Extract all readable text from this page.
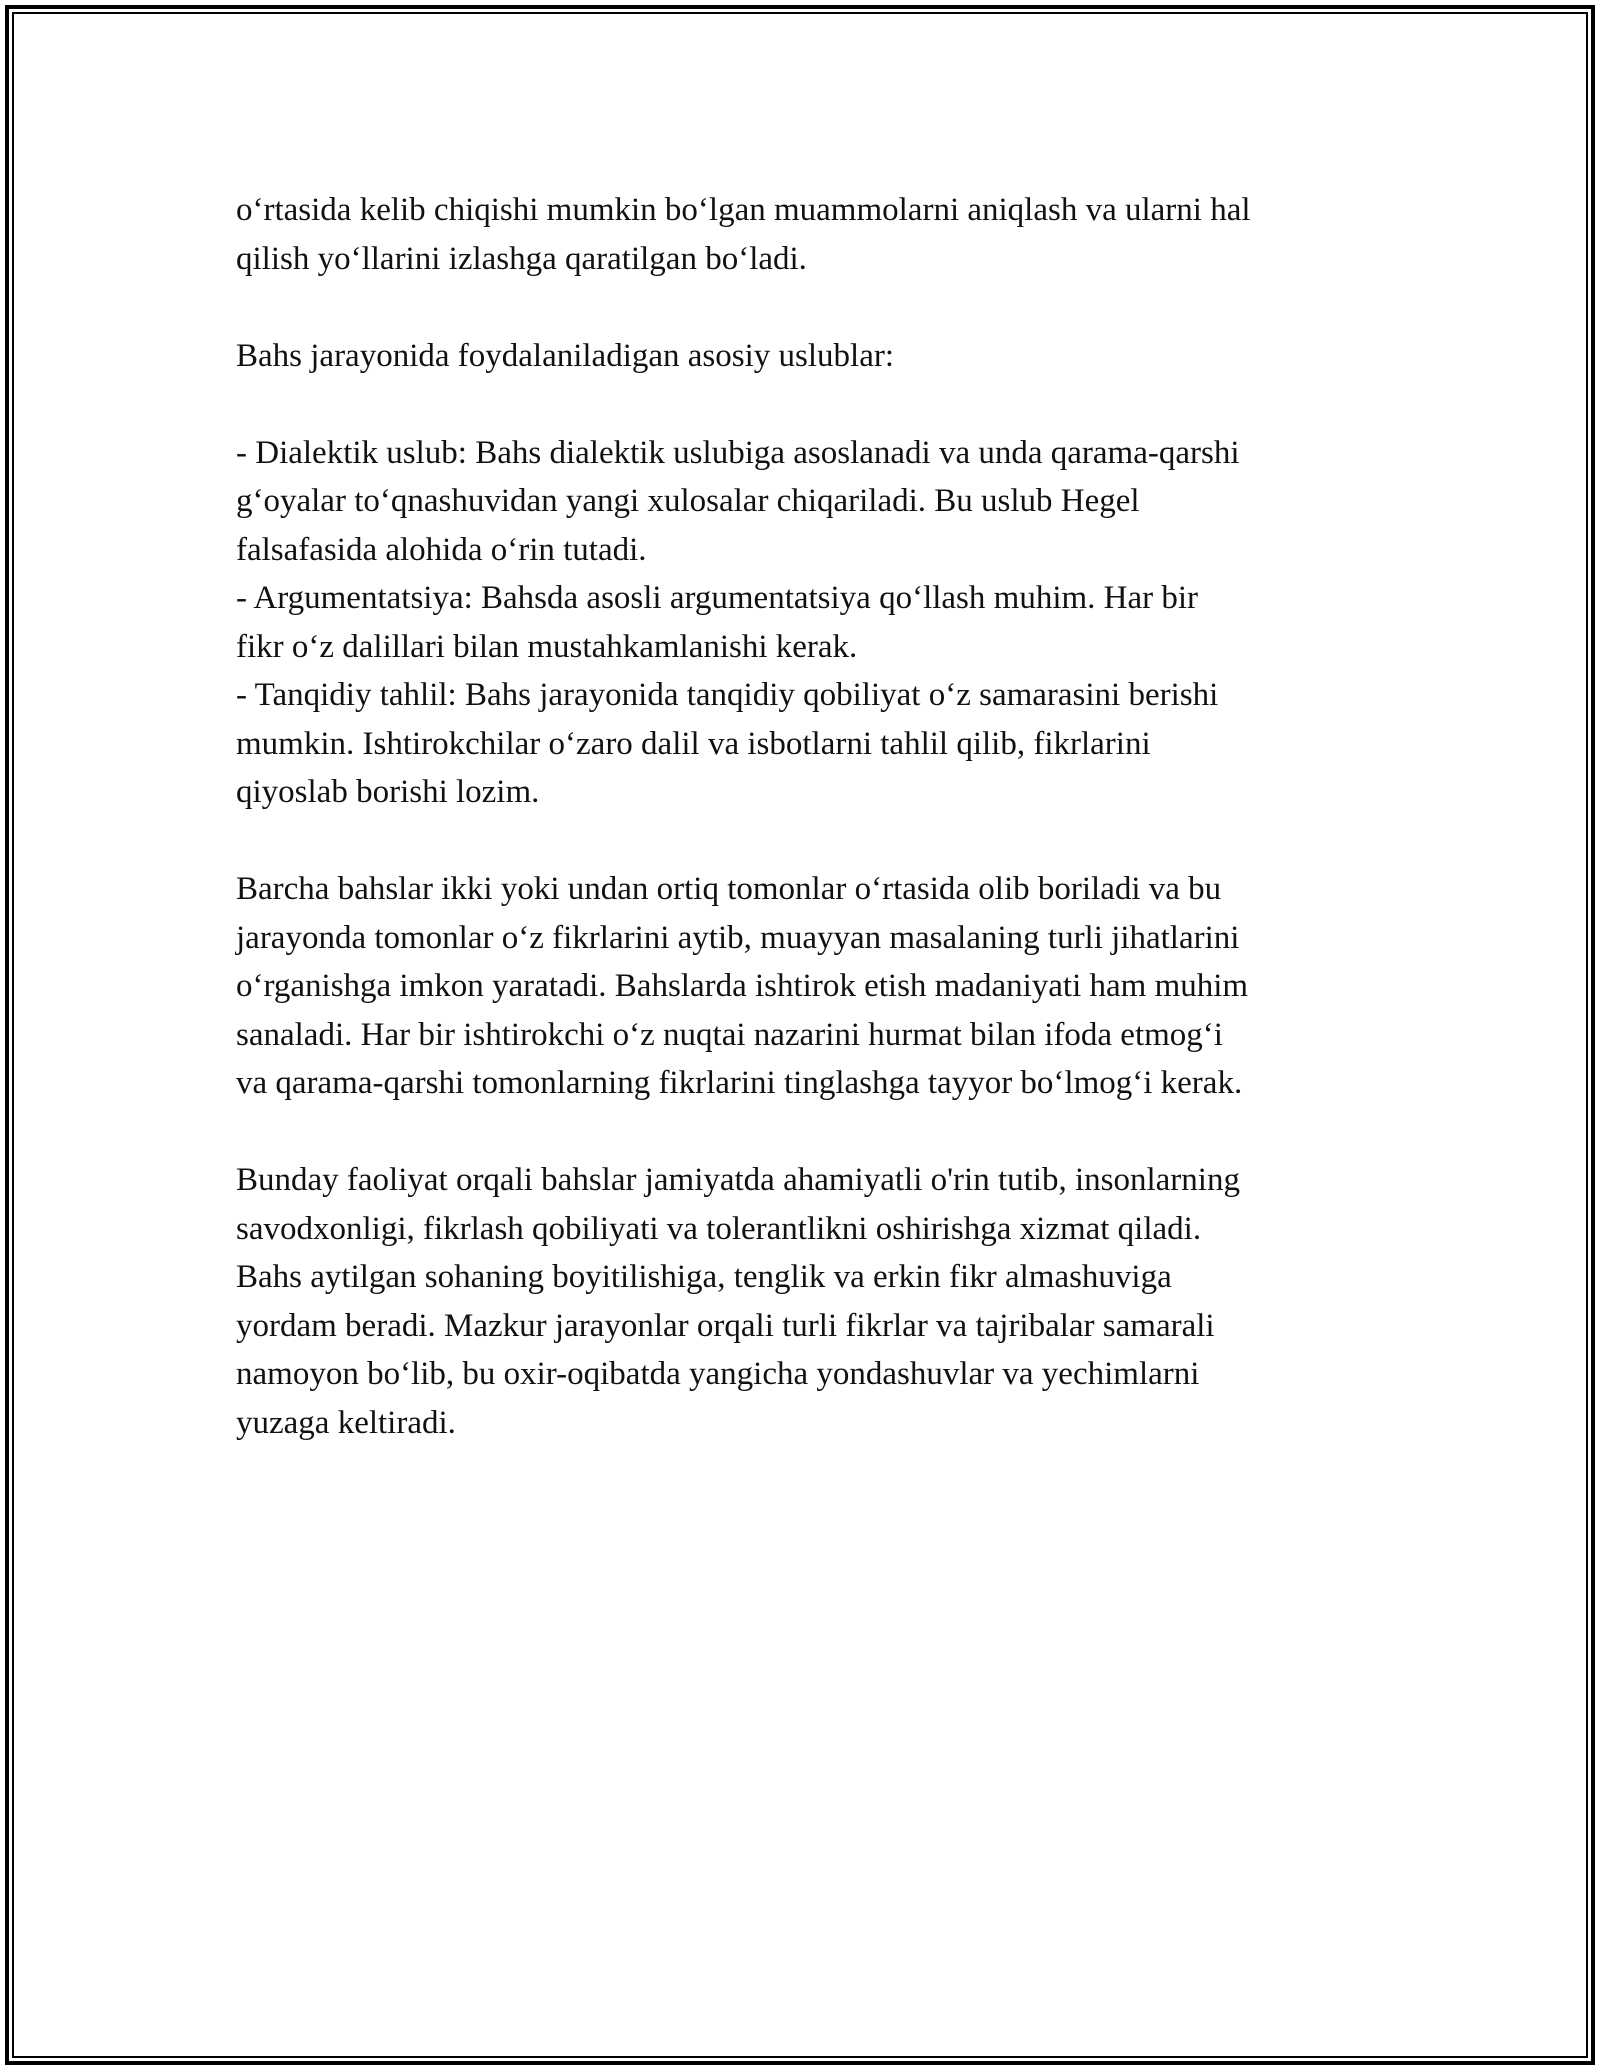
o‘rtasida kelib chiqishi mumkin bo‘lgan muammolarni aniqlash va ularni hal
qilish yo‘llarini izlashga qaratilgan bo‘ladi.

Bahs jarayonida foydalaniladigan asosiy uslublar:

- Dialektik uslub: Bahs dialektik uslubiga asoslanadi va unda qarama-qarshi
g‘oyalar to‘qnashuvidan yangi xulosalar chiqariladi. Bu uslub Hegel
falsafasida alohida o‘rin tutadi.
- Argumentatsiya: Bahsda asosli argumentatsiya qo‘llash muhim. Har bir
fikr o‘z dalillari bilan mustahkamlanishi kerak.
- Tanqidiy tahlil: Bahs jarayonida tanqidiy qobiliyat o‘z samarasini berishi
mumkin. Ishtirokchilar o‘zaro dalil va isbotlarni tahlil qilib, fikrlarini
qiyoslab borishi lozim.

Barcha bahslar ikki yoki undan ortiq tomonlar o‘rtasida olib boriladi va bu
jarayonda tomonlar o‘z fikrlarini aytib, muayyan masalaning turli jihatlarini
o‘rganishga imkon yaratadi. Bahslarda ishtirok etish madaniyati ham muhim
sanaladi. Har bir ishtirokchi o‘z nuqtai nazarini hurmat bilan ifoda etmog‘i
va qarama-qarshi tomonlarning fikrlarini tinglashga tayyor bo‘lmog‘i kerak.

Bunday faoliyat orqali bahslar jamiyatda ahamiyatli o'rin tutib, insonlarning
savodxonligi, fikrlash qobiliyati va tolerantlikni oshirishga xizmat qiladi.
Bahs aytilgan sohaning boyitilishiga, tenglik va erkin fikr almashuviga
yordam beradi. Mazkur jarayonlar orqali turli fikrlar va tajribalar samarali
namoyon bo‘lib, bu oxir-oqibatda yangicha yondashuvlar va yechimlarni
yuzaga keltiradi.
